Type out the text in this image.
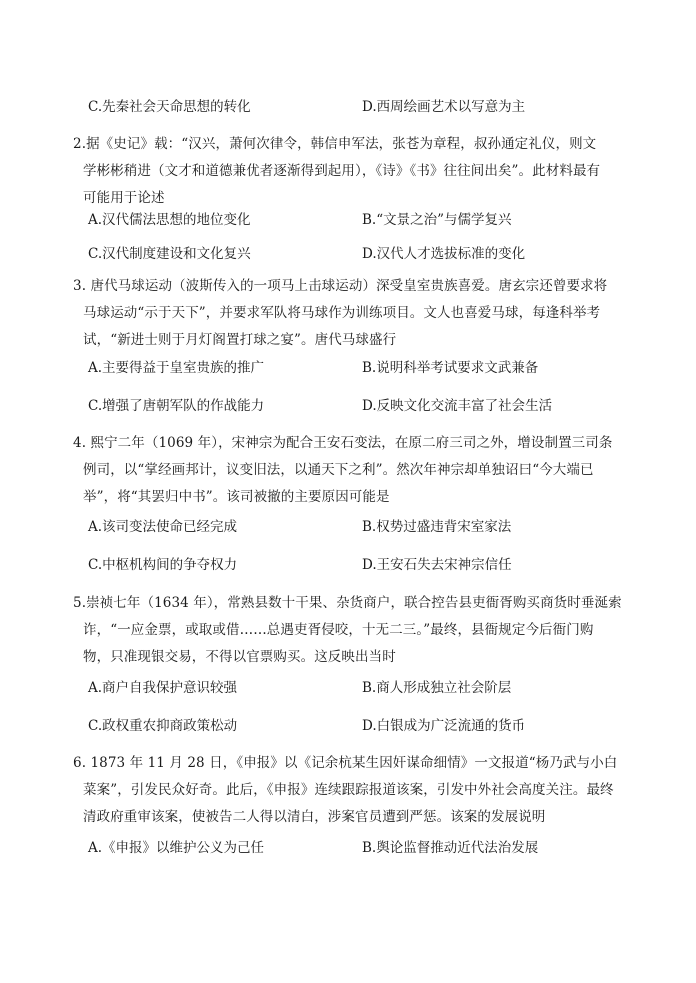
C.先秦社会天命思想的转化	D.西周绘画艺术以写意为主
2.据《史记》载：“汉兴，萧何次律令，韩信申军法，张苍为章程，叔孙通定礼仪，则文
学彬彬稍进（文才和道德兼优者逐渐得到起用），《诗》《书》往往间出矣”。此材料最有
可能用于论述
A.汉代儒法思想的地位变化	B.“文景之治”与儒学复兴
C.汉代制度建设和文化复兴	D.汉代人才选拔标准的变化
3. 唐代马球运动（波斯传入的一项马上击球运动）深受皇室贵族喜爱。唐玄宗还曾要求将
马球运动“示于天下”，并要求军队将马球作为训练项目。文人也喜爱马球，每逢科举考
试，“新进士则于月灯阁置打球之宴”。唐代马球盛行
A.主要得益于皇室贵族的推广	B.说明科举考试要求文武兼备
C.增强了唐朝军队的作战能力	D.反映文化交流丰富了社会生活
4. 熙宁二年（1069 年），宋神宗为配合王安石变法，在原二府三司之外，增设制置三司条
例司，以“掌经画邦计，议变旧法，以通天下之利”。然次年神宗却单独诏曰“今大端已
举”，将“其罢归中书”。该司被撤的主要原因可能是
A.该司变法使命已经完成	B.权势过盛违背宋室家法
C.中枢机构间的争夺权力	D.王安石失去宋神宗信任
5.崇祯七年（1634 年），常熟县数十干果、杂货商户，联合控告县吏衙胥购买商货时垂涎索
诈，“一应金票，或取或借……总遇吏胥侵咬，十无二三。”最终，县衙规定今后衙门购
物，只准现银交易，不得以官票购买。这反映出当时
A.商户自我保护意识较强	B.商人形成独立社会阶层
C.政权重农抑商政策松动	D.白银成为广泛流通的货币
6. 1873 年 11 月 28 日，《申报》以《记余杭某生因奸谋命细情》一文报道“杨乃武与小白
菜案”，引发民众好奇。此后，《申报》连续跟踪报道该案，引发中外社会高度关注。最终
清政府重审该案，使被告二人得以清白，涉案官员遭到严惩。该案的发展说明
A.《申报》以维护公义为己任	B.舆论监督推动近代法治发展
